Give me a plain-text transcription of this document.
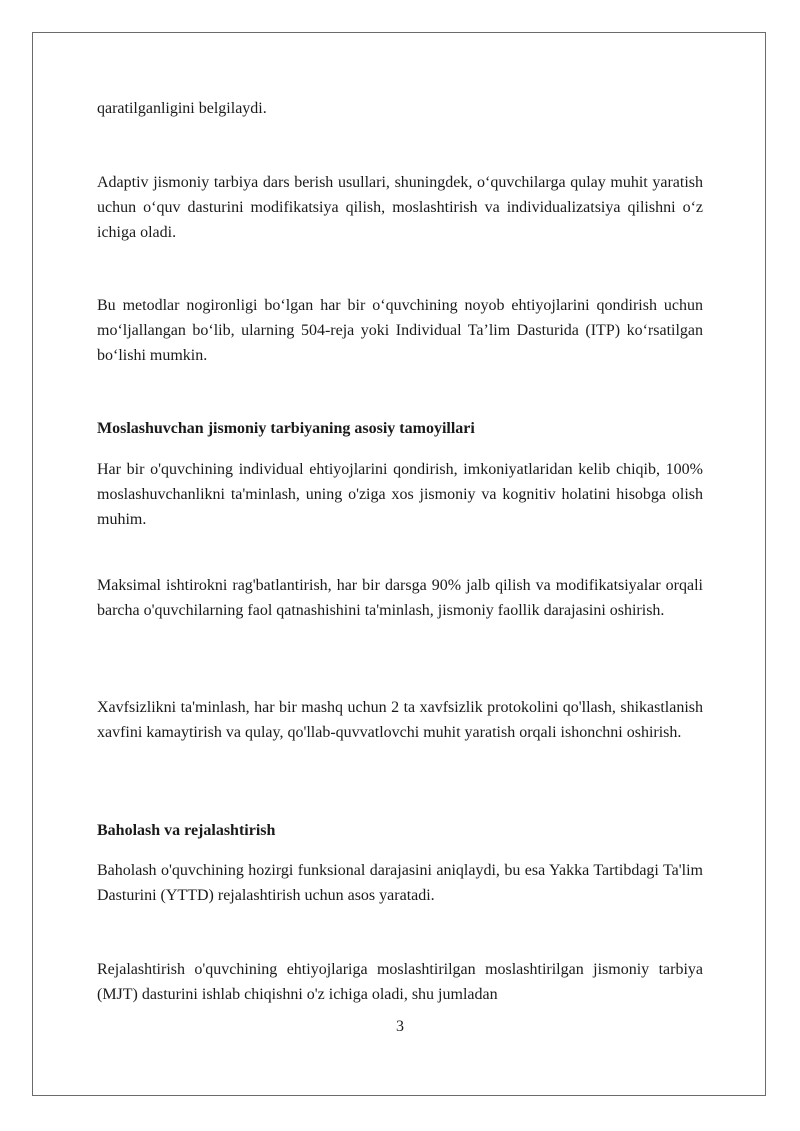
qaratilganligini belgilaydi.

Adaptiv jismoniy tarbiya dars berish usullari, shuningdek, o‘quvchilarga qulay muhit yaratish uchun o‘quv dasturini modifikatsiya qilish, moslashtirish va individualizatsiya qilishni o‘z ichiga oladi.

Bu metodlar nogironligi bo‘lgan har bir o‘quvchining noyob ehtiyojlarini qondirish uchun mo‘ljallangan bo‘lib, ularning 504-reja yoki Individual Ta’lim Dasturida (ITP) ko‘rsatilgan bo‘lishi mumkin.

Moslashuvchan jismoniy tarbiyaning asosiy tamoyillari

Har bir o'quvchining individual ehtiyojlarini qondirish, imkoniyatlaridan kelib chiqib, 100% moslashuvchanlikni ta'minlash, uning o'ziga xos jismoniy va kognitiv holatini hisobga olish muhim.

Maksimal ishtirokni rag'batlantirish, har bir darsga 90% jalb qilish va modifikatsiyalar orqali barcha o'quvchilarning faol qatnashishini ta'minlash, jismoniy faollik darajasini oshirish.

Xavfsizlikni ta'minlash, har bir mashq uchun 2 ta xavfsizlik protokolini qo'llash, shikastlanish xavfini kamaytirish va qulay, qo'llab-quvvatlovchi muhit yaratish orqali ishonchni oshirish.

Baholash va rejalashtirish

Baholash o'quvchining hozirgi funksional darajasini aniqlaydi, bu esa Yakka Tartibdagi Ta'lim Dasturini (YTTD) rejalashtirish uchun asos yaratadi.

Rejalashtirish o'quvchining ehtiyojlariga moslashtirilgan moslashtirilgan jismoniy tarbiya (MJT) dasturini ishlab chiqishni o'z ichiga oladi, shu jumladan

3
